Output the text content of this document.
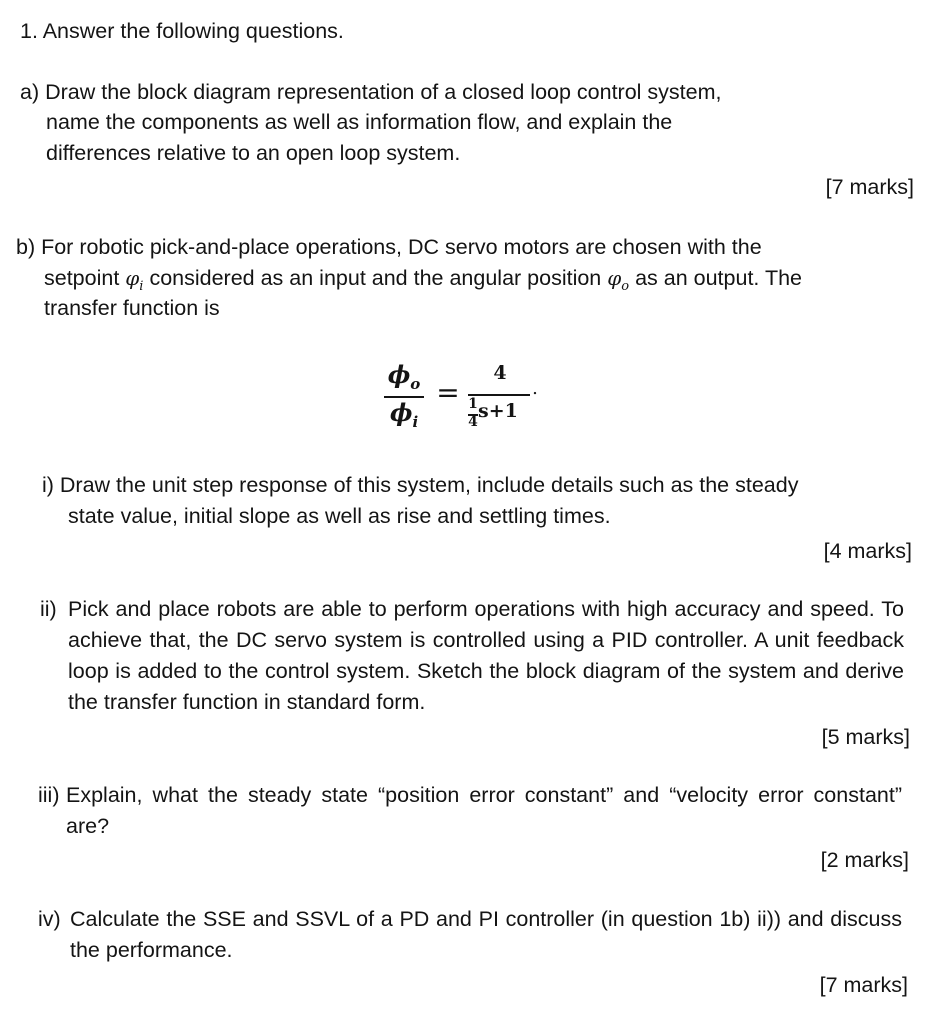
1. Answer the following questions.
a) Draw the block diagram representation of a closed loop control system,
name the components as well as information flow, and explain the
differences relative to an open loop system.
[7 marks]
b) For robotic pick-and-place operations, DC servo motors are chosen with the
setpoint $\varphi_i$ considered as an input and the angular position $\varphi_o$ as an output. The
transfer function is
$\phi_o$
$\phi_i$
=
4
1
4 s+1
.
i) Draw the unit step response of this system, include details such as the steady
state value, initial slope as well as rise and settling times.
[4 marks]
ii) Pick and place robots are able to perform operations with high accuracy and speed. To achieve that, the DC servo system is controlled using a PID controller. A unit feedback loop is added to the control system. Sketch the block diagram of the system and derive the transfer function in standard form.
[5 marks]
iii) Explain, what the steady state “position error constant” and “velocity error constant” are?
[2 marks]
iv) Calculate the SSE and SSVL of a PD and PI controller (in question 1b) ii)) and discuss the performance.
[7 marks]
